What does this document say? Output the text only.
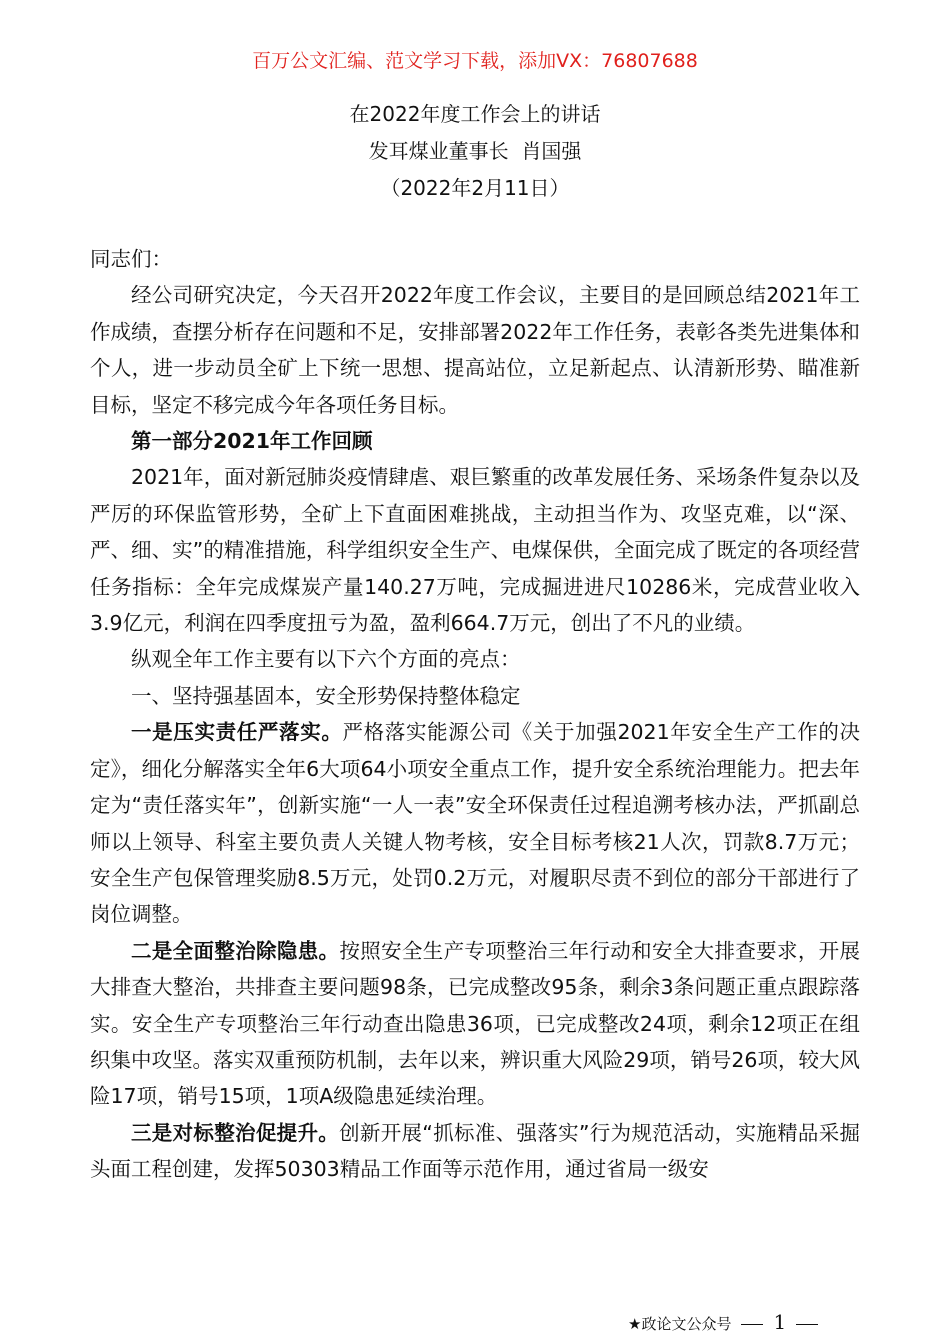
百万公文汇编、范文学习下载，添加VX：76807688
在2022年度工作会上的讲话
发耳煤业董事长  肖国强
（2022年2月11日）

同志们：

经公司研究决定，今天召开2022年度工作会议，主要目的是回顾总结2021年工作成绩，查摆分析存在问题和不足，安排部署2022年工作任务，表彰各类先进集体和个人，进一步动员全矿上下统一思想、提高站位，立足新起点、认清新形势、瞄准新目标，坚定不移完成今年各项任务目标。

第一部分2021年工作回顾

2021年，面对新冠肺炎疫情肆虐、艰巨繁重的改革发展任务、采场条件复杂以及严厉的环保监管形势，全矿上下直面困难挑战，主动担当作为、攻坚克难，以“深、严、细、实”的精准措施，科学组织安全生产、电煤保供，全面完成了既定的各项经营任务指标：全年完成煤炭产量140.27万吨，完成掘进进尺10286米，完成营业收入3.9亿元，利润在四季度扭亏为盈，盈利664.7万元，创出了不凡的业绩。

纵观全年工作主要有以下六个方面的亮点：

一、坚持强基固本，安全形势保持整体稳定

一是压实责任严落实。严格落实能源公司《关于加强2021年安全生产工作的决定》，细化分解落实全年6大项64小项安全重点工作，提升安全系统治理能力。把去年定为“责任落实年”，创新实施“一人一表”安全环保责任过程追溯考核办法，严抓副总师以上领导、科室主要负责人关键人物考核，安全目标考核21人次，罚款8.7万元；安全生产包保管理奖励8.5万元，处罚0.2万元，对履职尽责不到位的部分干部进行了岗位调整。

二是全面整治除隐患。按照安全生产专项整治三年行动和安全大排查要求，开展大排查大整治，共排查主要问题98条，已完成整改95条，剩余3条问题正重点跟踪落实。安全生产专项整治三年行动查出隐患36项，已完成整改24项，剩余12项正在组织集中攻坚。落实双重预防机制，去年以来，辨识重大风险29项，销号26项，较大风险17项，销号15项，1项A级隐患延续治理。

三是对标整治促提升。创新开展“抓标准、强落实”行为规范活动，实施精品采掘头面工程创建，发挥50303精品工作面等示范作用，通过省局一级安

★政论文公众号 1
